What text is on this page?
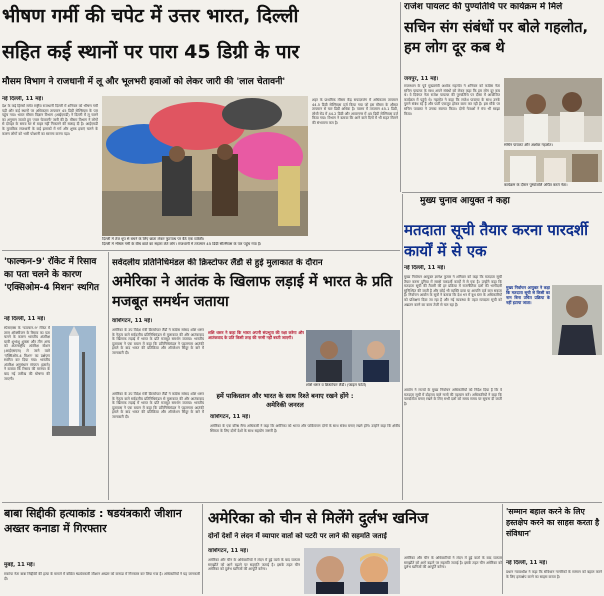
भीषण गर्मी की चपेट में उत्तर भारत, दिल्ली
सहित कई स्थानों पर पारा 45 डिग्री के पार
मौसम विभाग ने राजधानी में लू और भूलभरी हवाओं को लेकर जारी की 'लाल चेतावनी'
नई दिल्ली, 11 मई।
देश के कई हिस्सों समेत राष्ट्रीय राजधानी दिल्ली में शनिवार को भीषण गर्मी पड़ी और कई स्थानों पर अधिकतम तापमान 45 डिग्री सेल्सियस के पार पहुंच गया। भारत मौसम विज्ञान विभाग (आईएमडी) ने दिल्ली में लू चलने का अनुमान जताते हुए 'लाल चेतावनी' जारी की है। मौसम विभाग ने लोगों से दोपहर के समय घर से बाहर नहीं निकलने की सलाह दी है। आईएमडी के मुताबिक राजधानी के कई इलाकों में गर्म और शुष्क हवाएं चलने के कारण लोगों को भारी परेशानी का सामना करना पड़ा।
दिल्ली में तेज धूप से बचने के लिए छाता लेकर फुटपाथ पर बैठे एक व्यक्ति।
दिल्ली में भीषण गर्मी के बीच छाते का सहारा लेते लोग। राजधानी में तापमान 45 डिग्री सेल्सियस के पार पहुंच गया है।
शहर के प्राथमिक मौसम केंद्र सफदरजंग में अधिकतम तापमान 44.5 डिग्री सेल्सियस दर्ज किया गया जो इस मौसम के औसत तापमान से चार डिग्री अधिक है। पालम में तापमान 45.1 डिग्री, लोधी रोड में 44.2 डिग्री और आयानगर में 45 डिग्री सेल्सियस दर्ज किया गया। विभाग ने बताया कि आने वाले दिनों में भी राहत मिलने की संभावना कम है।
राजेश पायलट की पुण्यतिथि पर कार्यक्रम में मिले
सचिन संग संबंधों पर बोले गहलोत, हम लोग दूर कब थे
जयपुर, 11 मई।
राजस्थान के पूर्व मुख्यमंत्री अशोक गहलोत ने शनिवार को कांग्रेस नेता सचिन पायलट के साथ अपने संबंधों को लेकर कहा कि हम लोग दूर कब थे। वे दिवंगत नेता राजेश पायलट की पुण्यतिथि पर दौसा में आयोजित कार्यक्रम में पहुंचे थे। गहलोत ने कहा कि राजेश पायलट के साथ उनके पुराने संबंध रहे हैं और पार्टी एकजुट होकर काम कर रही है। इस मौके पर सचिन पायलट ने उनका स्वागत किया। दोनों नेताओं ने मंच भी साझा किया।
सचिन पायलट और अशोक गहलोत।
कार्यक्रम के दौरान पुष्पांजलि अर्पित करते नेता।
मुख्य चुनाव आयुक्त ने कहा
मतदाता सूची तैयार करना पारदर्शी कार्यों में से एक
नई दिल्ली, 11 मई।
मुख्य निर्वाचन आयुक्त ज्ञानेश कुमार ने शनिवार को कहा कि मतदाता सूची तैयार करना दुनिया में सबसे पारदर्शी कार्यों में से एक है। उन्होंने कहा कि मतदाता सूची की तैयारी की हर प्रक्रिया में राजनीतिक दलों की भागीदारी सुनिश्चित की जाती है और कोई भी व्यक्ति दावा या आपत्ति दर्ज करा सकता है। निर्वाचन आयोग के सूत्रों ने बताया कि देश भर में बूथ स्तर के अधिकारियों को प्रशिक्षण दिया जा रहा है और नई व्यवस्था के तहत मतदाता सूची को अद्यतन करने का काम तेजी से चल रहा है।
आयोग ने राज्यों के मुख्य निर्वाचन अधिकारियों को निर्देश दिया है कि वे मतदाता सूची में दोहराव वाले नामों की पहचान करें। अधिकारियों ने कहा कि पारदर्शिता बनाए रखने के लिए सभी दलों को समय समय पर सूचना दी जाती है।
मुख्य निर्वाचन आयुक्त ने कहा कि मतदाता सूची से किसी का नाम बिना उचित प्रक्रिया के नहीं हटाया जाता।
'फाल्कन-9' रॉकेट में रिसाव का पता चलने के कारण 'एक्सिओम-4 मिशन' स्थगित
नई दिल्ली, 11 मई।
स्पेसएक्स के 'फाल्कन-9' रॉकेट में तरल ऑक्सीजन के रिसाव का पता चलने के कारण भारतीय अंतरिक्ष यात्री शुभांशु शुक्ला और तीन अन्य को अंतरराष्ट्रीय अंतरिक्ष स्टेशन (आईएसएस) ले जाने वाले 'एक्सिओम-4 मिशन' का प्रक्षेपण स्थगित कर दिया गया। भारतीय अंतरिक्ष अनुसंधान संगठन (इसरो) ने बताया कि रिसाव की मरम्मत के बाद नई तारीख की घोषणा की जाएगी।
सर्वदलीय प्रतिनिधिमंडल की क्रिस्टोफर लैंडौ से हुई मुलाकात के दौरान
अमेरिका ने आतंक के खिलाफ लड़ाई में भारत के प्रति मजबूत समर्थन जताया
वाशिंगटन, 11 मई।
अमेरिका के उप विदेश मंत्री क्रिस्टोफर लैंडौ ने कांग्रेस सांसद शशि थरूर के नेतृत्व वाले सर्वदलीय प्रतिनिधिमंडल से मुलाकात की और आतंकवाद के खिलाफ लड़ाई में भारत के प्रति मजबूत समर्थन जताया। भारतीय दूतावास ने एक बयान में कहा कि प्रतिनिधिमंडल ने पहलगाम आतंकी हमले के बाद भारत की प्रतिक्रिया और ऑपरेशन सिंदूर के बारे में जानकारी दी।
शशि थरूर ने कहा कि भारत अपनी संप्रभुता की रक्षा करेगा और आतंकवाद के प्रति किसी तरह की नरमी नहीं बरती जाएगी।
शशि थरूर व क्रिस्टोफर लैंडौ। (फाइल फोटो)
हमें पाकिस्तान और भारत के साथ रिश्ते बनाए रखने होंगे : अमेरिकी जनरल
वाशिंगटन, 11 मई।
अमेरिका के एक वरिष्ठ सैन्य अधिकारी ने कहा कि अमेरिका को भारत और पाकिस्तान दोनों के साथ संबंध बनाए रखने होंगे। उन्होंने कहा कि क्षेत्रीय स्थिरता के लिए दोनों देशों के साथ सहयोग जरूरी है।
अमेरिका के उप विदेश मंत्री क्रिस्टोफर लैंडौ ने कांग्रेस सांसद शशि थरूर के नेतृत्व वाले सर्वदलीय प्रतिनिधिमंडल से मुलाकात की और आतंकवाद के खिलाफ लड़ाई में भारत के प्रति मजबूत समर्थन जताया। भारतीय दूतावास ने एक बयान में कहा कि प्रतिनिधिमंडल ने पहलगाम आतंकी हमले के बाद भारत की प्रतिक्रिया और ऑपरेशन सिंदूर के बारे में जानकारी दी।
बाबा सिद्दीकी हत्याकांड : षडयंत्रकारी जीशान अख्तर कनाडा में गिरफ्तार
मुंबई, 11 मई।
राकांपा नेता बाबा सिद्दीकी की हत्या के मामले में वांछित षडयंत्रकारी जीशान अख्तर को कनाडा में गिरफ्तार कर लिया गया है। अधिकारियों ने यह जानकारी दी।
अमेरिका को चीन से मिलेंगे दुर्लभ खनिज
दोनों देशों ने लंदन में व्यापार वार्ता को पटरी पर लाने की सहमति जताई
वाशिंगटन, 11 मई।
अमेरिका और चीन के अधिकारियों ने लंदन में हुई वार्ता के बाद व्यापार समझौते को आगे बढ़ाने पर सहमति जताई है। इसके तहत चीन अमेरिका को दुर्लभ खनिजों की आपूर्ति करेगा।
अमेरिका और चीन के अधिकारियों ने लंदन में हुई वार्ता के बाद व्यापार समझौते को आगे बढ़ाने पर सहमति जताई है। इसके तहत चीन अमेरिका को दुर्लभ खनिजों की आपूर्ति करेगा।
'सम्मान बहाल करने के लिए हस्तक्षेप करने का साहस करता है संविधान'
नई दिल्ली, 11 मई।
प्रधान न्यायाधीश ने कहा कि संविधान नागरिकों के सम्मान को बहाल करने के लिए हस्तक्षेप करने का साहस करता है।
